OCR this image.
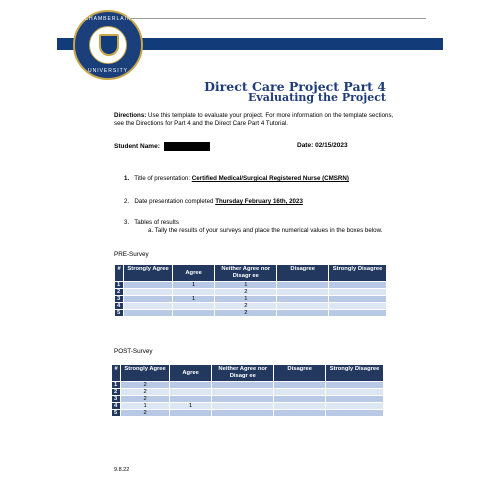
CHAMBERLAIN
UNIVERSITY
Direct Care Project Part 4
Evaluating the Project
Directions: Use this template to evaluate your project. For more information on the template sections, see the Directions for Part 4 and the Direct Care Part 4 Tutorial.
Student Name:	Date: 02/15/2023
1. Title of presentation: Certified Medical/Surgical Registered Nurse (CMSRN)
2. Date presentation completed Thursday February 16th, 2023
3. Tables of results
a. Tally the results of your surveys and place the numerical values in the boxes below.
PRE-Survey
#	Strongly Agree	Agree	Neither Agree nor Disagr ee	Disagree	Strongly Disagree
1		1	1		
2			2		
3		1	1		
4			2		
5			2		
POST-Survey
#	Strongly Agree	Agree	Neither Agree nor Disagr ee	Disagree	Strongly Disagree
1	2				
2	2				
3	2				
4	1	1			
5	2				
9.8.22
